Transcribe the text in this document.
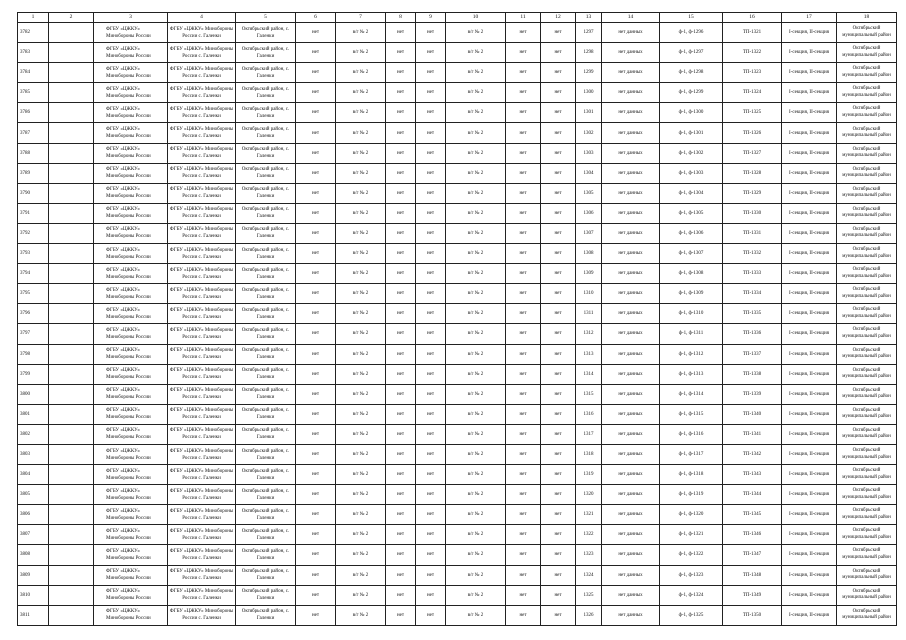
1	2	3	4	5	6	7	8	9	10	11	12	13	14	15	16	17	18
3782		ФГБУ «ЦЖКУ» Минобороны России	ФГБУ «ЦЖКУ» Минобороны России с. Галенки	Октябрьский район, с. Галенки	нет	в/г № 2	нет	нет	в/г № 2	нет	нет	1297	нет данных	ф-1, ф-1296	ТП-1321	I-секция, II-секция	Октябрьский муниципальный район
3783		ФГБУ «ЦЖКУ» Минобороны России	ФГБУ «ЦЖКУ» Минобороны России с. Галенки	Октябрьский район, с. Галенки	нет	в/г № 2	нет	нет	в/г № 2	нет	нет	1298	нет данных	ф-1, ф-1297	ТП-1322	I-секция, II-секция	Октябрьский муниципальный район
3784		ФГБУ «ЦЖКУ» Минобороны России	ФГБУ «ЦЖКУ» Минобороны России с. Галенки	Октябрьский район, с. Галенки	нет	в/г № 2	нет	нет	в/г № 2	нет	нет	1299	нет данных	ф-1, ф-1298	ТП-1323	I-секция, II-секция	Октябрьский муниципальный район
3785		ФГБУ «ЦЖКУ» Минобороны России	ФГБУ «ЦЖКУ» Минобороны России с. Галенки	Октябрьский район, с. Галенки	нет	в/г № 2	нет	нет	в/г № 2	нет	нет	1300	нет данных	ф-1, ф-1299	ТП-1324	I-секция, II-секция	Октябрьский муниципальный район
3786		ФГБУ «ЦЖКУ» Минобороны России	ФГБУ «ЦЖКУ» Минобороны России с. Галенки	Октябрьский район, с. Галенки	нет	в/г № 2	нет	нет	в/г № 2	нет	нет	1301	нет данных	ф-1, ф-1300	ТП-1325	I-секция, II-секция	Октябрьский муниципальный район
3787		ФГБУ «ЦЖКУ» Минобороны России	ФГБУ «ЦЖКУ» Минобороны России с. Галенки	Октябрьский район, с. Галенки	нет	в/г № 2	нет	нет	в/г № 2	нет	нет	1302	нет данных	ф-1, ф-1301	ТП-1326	I-секция, II-секция	Октябрьский муниципальный район
3788		ФГБУ «ЦЖКУ» Минобороны России	ФГБУ «ЦЖКУ» Минобороны России с. Галенки	Октябрьский район, с. Галенки	нет	в/г № 2	нет	нет	в/г № 2	нет	нет	1303	нет данных	ф-1, ф-1302	ТП-1327	I-секция, II-секция	Октябрьский муниципальный район
3789		ФГБУ «ЦЖКУ» Минобороны России	ФГБУ «ЦЖКУ» Минобороны России с. Галенки	Октябрьский район, с. Галенки	нет	в/г № 2	нет	нет	в/г № 2	нет	нет	1304	нет данных	ф-1, ф-1303	ТП-1328	I-секция, II-секция	Октябрьский муниципальный район
3790		ФГБУ «ЦЖКУ» Минобороны России	ФГБУ «ЦЖКУ» Минобороны России с. Галенки	Октябрьский район, с. Галенки	нет	в/г № 2	нет	нет	в/г № 2	нет	нет	1305	нет данных	ф-1, ф-1304	ТП-1329	I-секция, II-секция	Октябрьский муниципальный район
3791		ФГБУ «ЦЖКУ» Минобороны России	ФГБУ «ЦЖКУ» Минобороны России с. Галенки	Октябрьский район, с. Галенки	нет	в/г № 2	нет	нет	в/г № 2	нет	нет	1306	нет данных	ф-1, ф-1305	ТП-1330	I-секция, II-секция	Октябрьский муниципальный район
3792		ФГБУ «ЦЖКУ» Минобороны России	ФГБУ «ЦЖКУ» Минобороны России с. Галенки	Октябрьский район, с. Галенки	нет	в/г № 2	нет	нет	в/г № 2	нет	нет	1307	нет данных	ф-1, ф-1306	ТП-1331	I-секция, II-секция	Октябрьский муниципальный район
3793		ФГБУ «ЦЖКУ» Минобороны России	ФГБУ «ЦЖКУ» Минобороны России с. Галенки	Октябрьский район, с. Галенки	нет	в/г № 2	нет	нет	в/г № 2	нет	нет	1308	нет данных	ф-1, ф-1307	ТП-1332	I-секция, II-секция	Октябрьский муниципальный район
3794		ФГБУ «ЦЖКУ» Минобороны России	ФГБУ «ЦЖКУ» Минобороны России с. Галенки	Октябрьский район, с. Галенки	нет	в/г № 2	нет	нет	в/г № 2	нет	нет	1309	нет данных	ф-1, ф-1308	ТП-1333	I-секция, II-секция	Октябрьский муниципальный район
3795		ФГБУ «ЦЖКУ» Минобороны России	ФГБУ «ЦЖКУ» Минобороны России с. Галенки	Октябрьский район, с. Галенки	нет	в/г № 2	нет	нет	в/г № 2	нет	нет	1310	нет данных	ф-1, ф-1309	ТП-1334	I-секция, II-секция	Октябрьский муниципальный район
3796		ФГБУ «ЦЖКУ» Минобороны России	ФГБУ «ЦЖКУ» Минобороны России с. Галенки	Октябрьский район, с. Галенки	нет	в/г № 2	нет	нет	в/г № 2	нет	нет	1311	нет данных	ф-1, ф-1310	ТП-1335	I-секция, II-секция	Октябрьский муниципальный район
3797		ФГБУ «ЦЖКУ» Минобороны России	ФГБУ «ЦЖКУ» Минобороны России с. Галенки	Октябрьский район, с. Галенки	нет	в/г № 2	нет	нет	в/г № 2	нет	нет	1312	нет данных	ф-1, ф-1311	ТП-1336	I-секция, II-секция	Октябрьский муниципальный район
3798		ФГБУ «ЦЖКУ» Минобороны России	ФГБУ «ЦЖКУ» Минобороны России с. Галенки	Октябрьский район, с. Галенки	нет	в/г № 2	нет	нет	в/г № 2	нет	нет	1313	нет данных	ф-1, ф-1312	ТП-1337	I-секция, II-секция	Октябрьский муниципальный район
3799		ФГБУ «ЦЖКУ» Минобороны России	ФГБУ «ЦЖКУ» Минобороны России с. Галенки	Октябрьский район, с. Галенки	нет	в/г № 2	нет	нет	в/г № 2	нет	нет	1314	нет данных	ф-1, ф-1313	ТП-1338	I-секция, II-секция	Октябрьский муниципальный район
3800		ФГБУ «ЦЖКУ» Минобороны России	ФГБУ «ЦЖКУ» Минобороны России с. Галенки	Октябрьский район, с. Галенки	нет	в/г № 2	нет	нет	в/г № 2	нет	нет	1315	нет данных	ф-1, ф-1314	ТП-1339	I-секция, II-секция	Октябрьский муниципальный район
3801		ФГБУ «ЦЖКУ» Минобороны России	ФГБУ «ЦЖКУ» Минобороны России с. Галенки	Октябрьский район, с. Галенки	нет	в/г № 2	нет	нет	в/г № 2	нет	нет	1316	нет данных	ф-1, ф-1315	ТП-1340	I-секция, II-секция	Октябрьский муниципальный район
3802		ФГБУ «ЦЖКУ» Минобороны России	ФГБУ «ЦЖКУ» Минобороны России с. Галенки	Октябрьский район, с. Галенки	нет	в/г № 2	нет	нет	в/г № 2	нет	нет	1317	нет данных	ф-1, ф-1316	ТП-1341	I-секция, II-секция	Октябрьский муниципальный район
3803		ФГБУ «ЦЖКУ» Минобороны России	ФГБУ «ЦЖКУ» Минобороны России с. Галенки	Октябрьский район, с. Галенки	нет	в/г № 2	нет	нет	в/г № 2	нет	нет	1318	нет данных	ф-1, ф-1317	ТП-1342	I-секция, II-секция	Октябрьский муниципальный район
3804		ФГБУ «ЦЖКУ» Минобороны России	ФГБУ «ЦЖКУ» Минобороны России с. Галенки	Октябрьский район, с. Галенки	нет	в/г № 2	нет	нет	в/г № 2	нет	нет	1319	нет данных	ф-1, ф-1318	ТП-1343	I-секция, II-секция	Октябрьский муниципальный район
3805		ФГБУ «ЦЖКУ» Минобороны России	ФГБУ «ЦЖКУ» Минобороны России с. Галенки	Октябрьский район, с. Галенки	нет	в/г № 2	нет	нет	в/г № 2	нет	нет	1320	нет данных	ф-1, ф-1319	ТП-1344	I-секция, II-секция	Октябрьский муниципальный район
3806		ФГБУ «ЦЖКУ» Минобороны России	ФГБУ «ЦЖКУ» Минобороны России с. Галенки	Октябрьский район, с. Галенки	нет	в/г № 2	нет	нет	в/г № 2	нет	нет	1321	нет данных	ф-1, ф-1320	ТП-1345	I-секция, II-секция	Октябрьский муниципальный район
3807		ФГБУ «ЦЖКУ» Минобороны России	ФГБУ «ЦЖКУ» Минобороны России с. Галенки	Октябрьский район, с. Галенки	нет	в/г № 2	нет	нет	в/г № 2	нет	нет	1322	нет данных	ф-1, ф-1321	ТП-1346	I-секция, II-секция	Октябрьский муниципальный район
3808		ФГБУ «ЦЖКУ» Минобороны России	ФГБУ «ЦЖКУ» Минобороны России с. Галенки	Октябрьский район, с. Галенки	нет	в/г № 2	нет	нет	в/г № 2	нет	нет	1323	нет данных	ф-1, ф-1322	ТП-1347	I-секция, II-секция	Октябрьский муниципальный район
3809		ФГБУ «ЦЖКУ» Минобороны России	ФГБУ «ЦЖКУ» Минобороны России с. Галенки	Октябрьский район, с. Галенки	нет	в/г № 2	нет	нет	в/г № 2	нет	нет	1324	нет данных	ф-1, ф-1323	ТП-1348	I-секция, II-секция	Октябрьский муниципальный район
3810		ФГБУ «ЦЖКУ» Минобороны России	ФГБУ «ЦЖКУ» Минобороны России с. Галенки	Октябрьский район, с. Галенки	нет	в/г № 2	нет	нет	в/г № 2	нет	нет	1325	нет данных	ф-1, ф-1324	ТП-1349	I-секция, II-секция	Октябрьский муниципальный район
3811		ФГБУ «ЦЖКУ» Минобороны России	ФГБУ «ЦЖКУ» Минобороны России с. Галенки	Октябрьский район, с. Галенки	нет	в/г № 2	нет	нет	в/г № 2	нет	нет	1326	нет данных	ф-1, ф-1325	ТП-1350	I-секция, II-секция	Октябрьский муниципальный район
